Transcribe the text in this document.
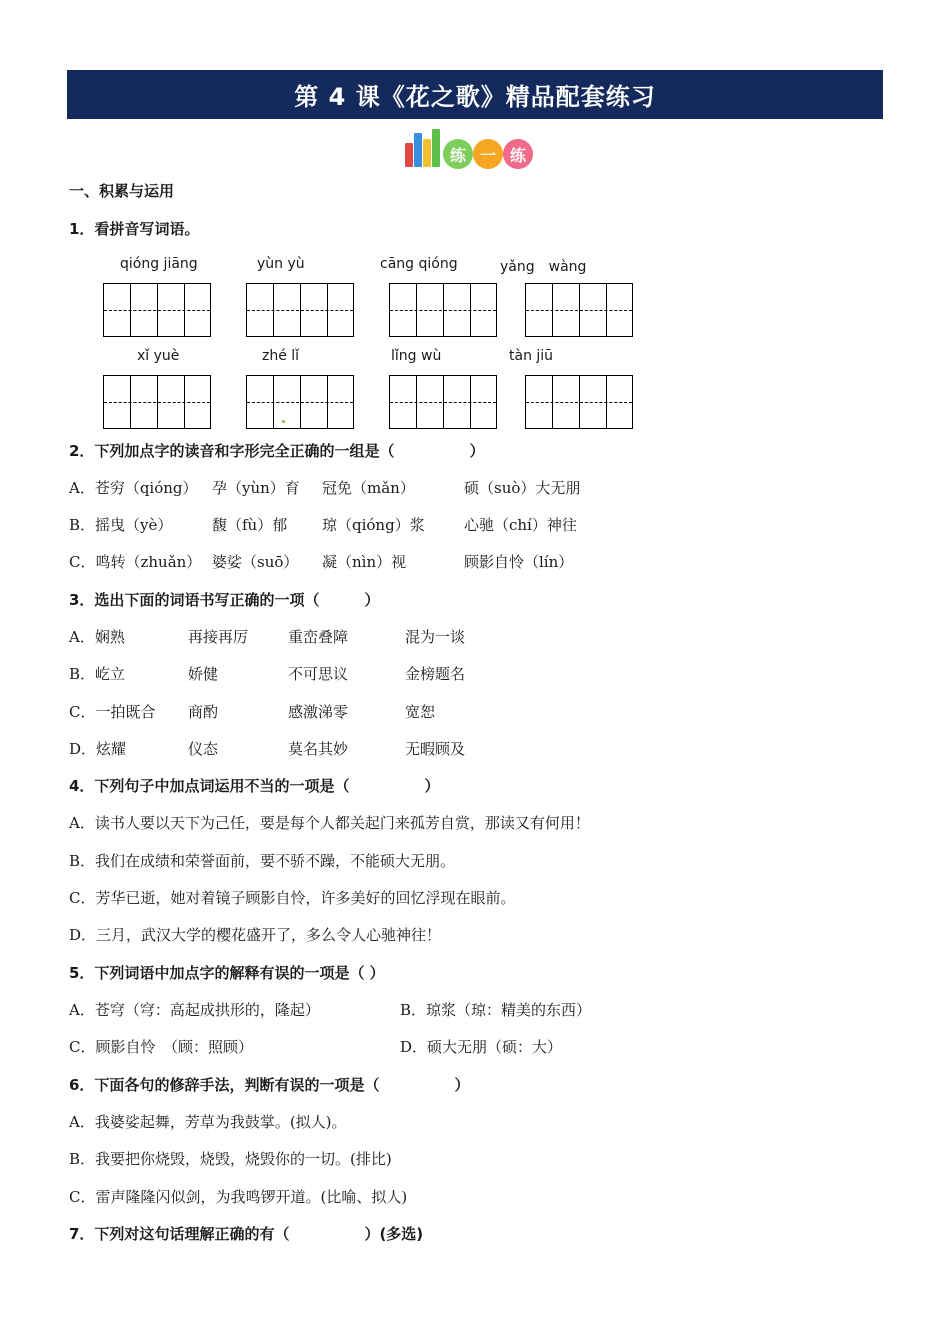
第 4 课《花之歌》精品配套练习
练 一 练
一、积累与运用
1．看拼音写词语。
qióng jiāng	yùn yù	cāng qióng	yǎng　wàng
xǐ yuè	zhé lǐ	lǐng wù	tàn jiū
2．下列加点字的读音和字形完全正确的一组是（　　　　　）
A．苍穷（qióng） 孕（yùn）育 冠免（mǎn）	硕（suò）大无朋
B．摇曳（yè）	馥（fù）郁 琼（qióng）浆	心驰（chí）神往
C．鸣转（zhuǎn） 婆娑（suō） 凝（nìn）视	顾影自怜（lín）
3．选出下面的词语书写正确的一项（　　　）
A．娴熟	再接再厉	重峦叠障	混为一谈
B．屹立	娇健	不可思议	金榜题名
C．一拍既合 商酌	感激涕零	宽恕
D．炫耀	仪态	莫名其妙	无暇顾及
4．下列句子中加点词运用不当的一项是（　　　　　）
A．读书人要以天下为己任，要是每个人都关起门来孤芳自赏，那读又有何用！
B．我们在成绩和荣誉面前，要不骄不躁，不能硕大无朋。
C．芳华已逝，她对着镜子顾影自怜，许多美好的回忆浮现在眼前。
D．三月，武汉大学的樱花盛开了，多么令人心驰神往！
5．下列词语中加点字的解释有误的一项是（ ）
A．苍穹（穹：高起成拱形的，隆起）	B．琼浆（琼：精美的东西）
C．顾影自怜　（顾：照顾）	D．硕大无朋（硕：大）
6．下面各句的修辞手法，判断有误的一项是（　　　　　）
A．我婆娑起舞，芳草为我鼓掌。(拟人)。
B．我要把你烧毁，烧毁，烧毁你的一切。(排比)
C．雷声隆隆闪似剑，为我鸣锣开道。(比喻、拟人)
7．下列对这句话理解正确的有（　　　　　）(多选)
